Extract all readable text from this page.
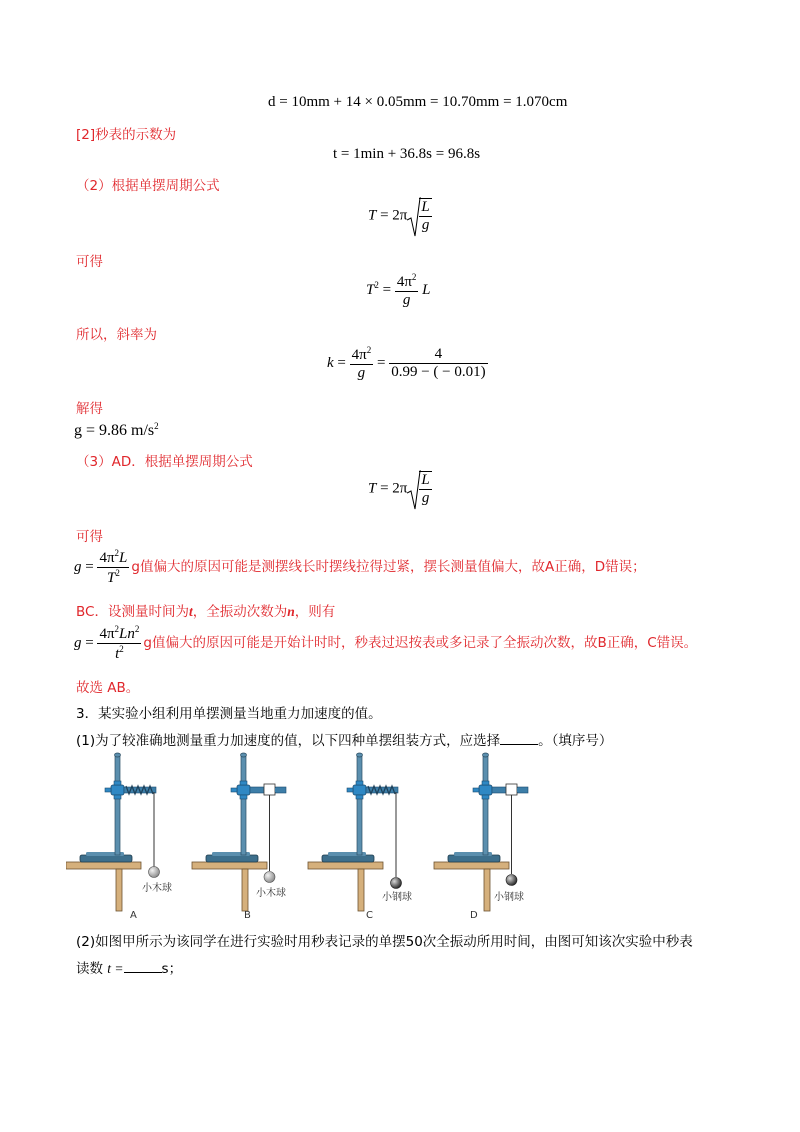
d = 10mm + 14 × 0.05mm = 10.70mm = 1.070cm
[2]秒表的示数为
t = 1min + 36.8s = 96.8s
（2）根据单摆周期公式
$T = 2\pi \frac{L}{g}$
可得
$T^2 = \frac{4\pi^2}{g}$ L
所以，斜率为
$k = \frac{4\pi^2}{g} = \frac{4}{0.99 - ( - 0.01)}$
解得
g = 9.86 $m/s^2$
（3）AD．根据单摆周期公式
$T = 2\pi \frac{L}{g}$
可得
$g = \frac{4\pi^2L}{T^2}$ g值偏大的原因可能是测摆线长时摆线拉得过紧，摆长测量值偏大，故A正确，D错误；
BC．设测量时间为t，全振动次数为n，则有
$g = \frac{4\pi^2Ln^2}{t^2}$ g值偏大的原因可能是开始计时时，秒表过迟按表或多记录了全振动次数，故B正确，C错误。
故选 AB。
3．某实验小组利用单摆测量当地重力加速度的值。
(1)为了较准确地测量重力加速度的值，以下四种单摆组装方式，应选择	。（填序号）
小木球
A
小木球
B
小钢球
C
小钢球
D
(2)如图甲所示为该同学在进行实验时用秒表记录的单摆50次全振动所用时间，由图可知该次实验中秒表
读数 t =	s；
